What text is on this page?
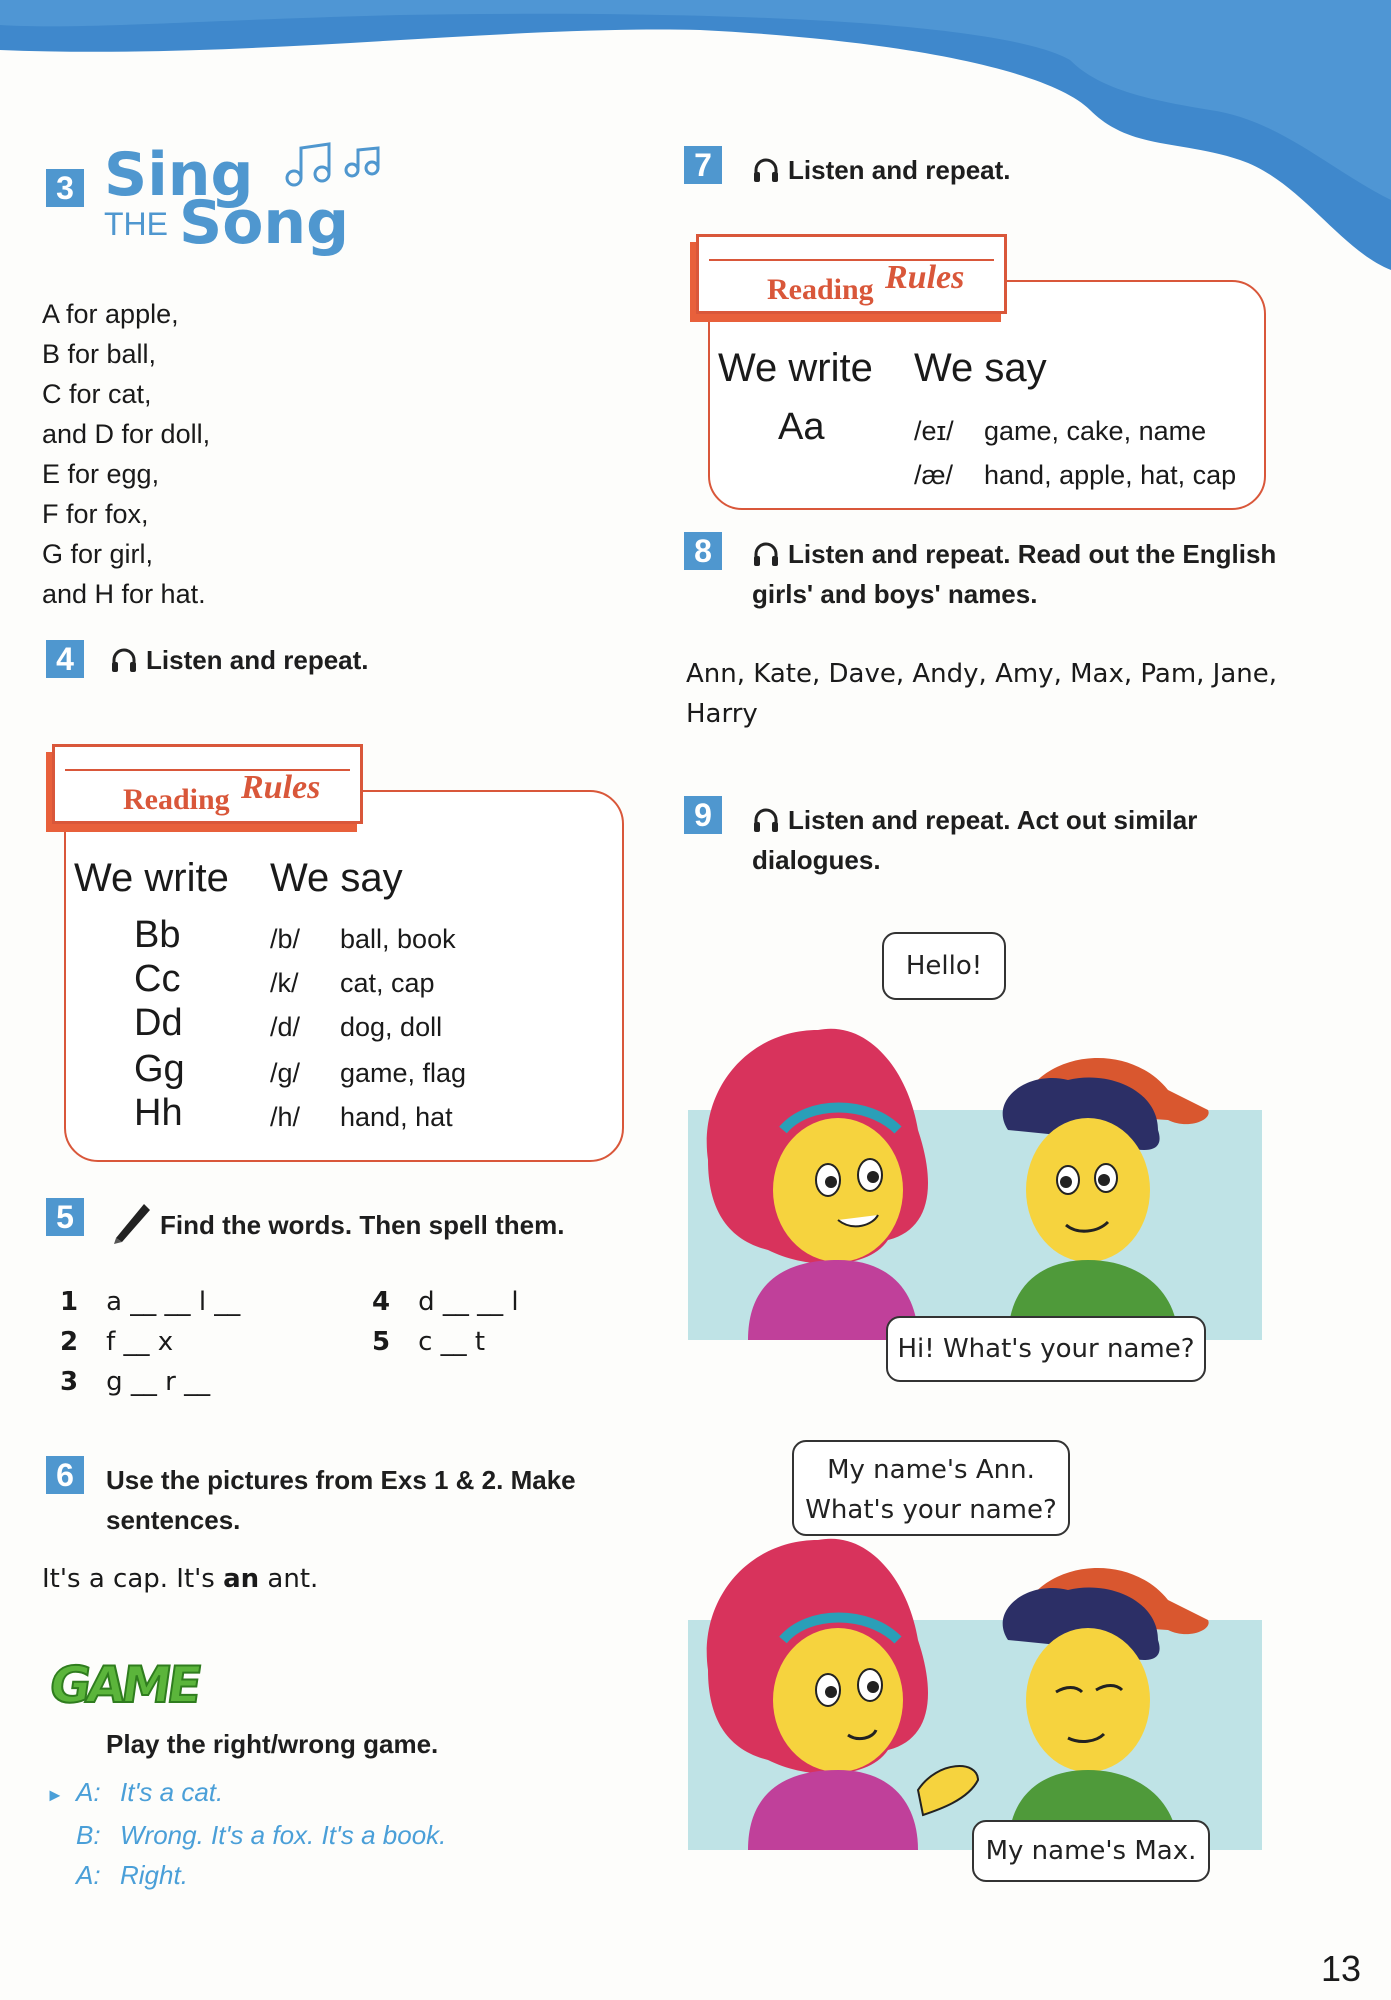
3 Sing
THE Song
A for apple,
B for ball,
C for cat,
and D for doll,
E for egg,
F for fox,
G for girl,
and H for hat.
4	Listen and repeat.
Reading Rules
We write We say
Bb	/b/ ball, book
Cc	/k/ cat, cap
Dd	/d/ dog, doll
Gg	/g/ game, flag
Hh	/h/ hand, hat
5	Find the words. Then spell them.
1 a __ __ l __
2 f __ x
3 g __ r __
4 d __ __ l
5 c __ t
6	Use the pictures from Exs 1 & 2. Make
sentences.
It's a cap. It's an ant.
GAME
Play the right/wrong game.
► A: It's a cat.
B: Wrong. It's a fox. It's a book.
A: Right.
7	Listen and repeat.
Reading Rules
We write We say
Aa	/eɪ/ game, cake, name
/æ/ hand, apple, hat, cap
8	Listen and repeat. Read out the English
girls' and boys' names.
Ann, Kate, Dave, Andy, Amy, Max, Pam, Jane,
Harry
9	Listen and repeat. Act out similar
dialogues.
Hello!
Hi! What's your name?
My name's Ann.
What's your name?
My name's Max.
13
